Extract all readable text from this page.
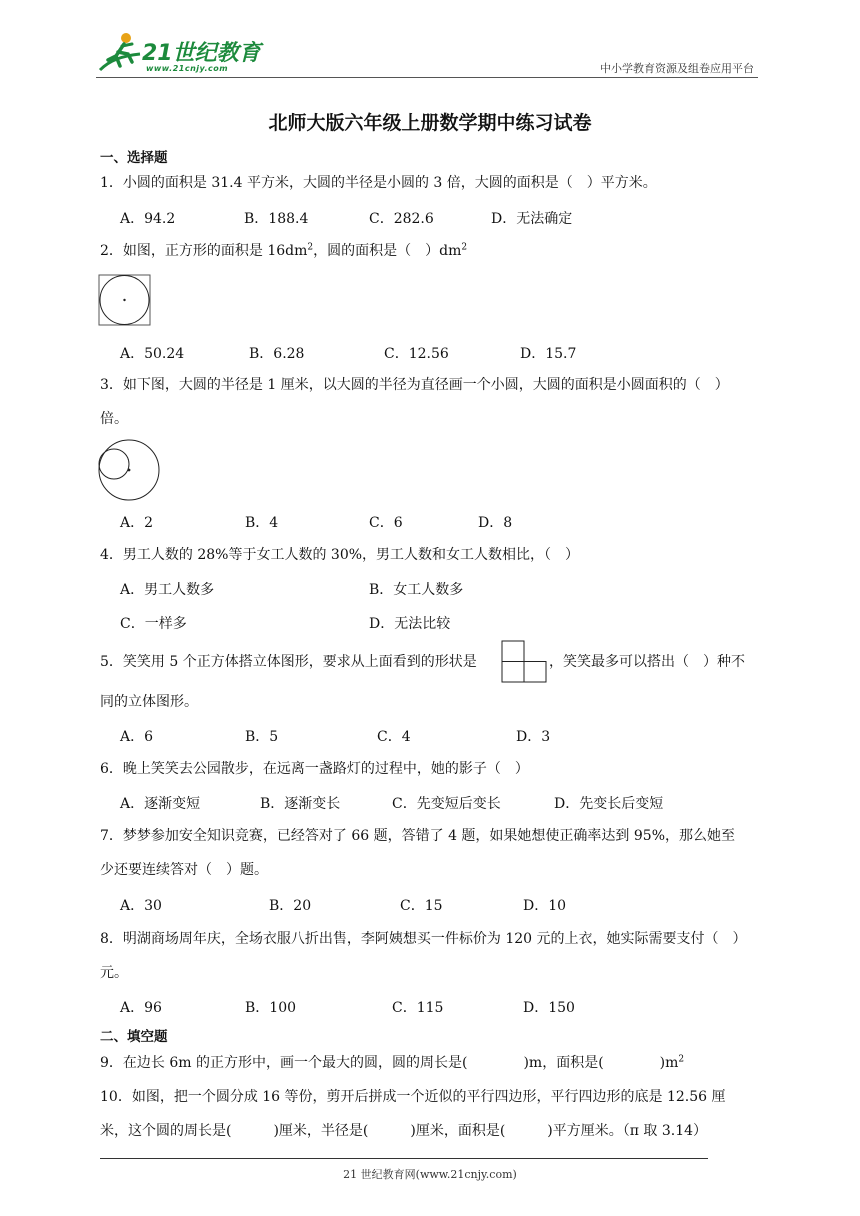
21世纪教育
www.21cnjy.com	中小学教育资源及组卷应用平台
北师大版六年级上册数学期中练习试卷
一、选择题
1．小圆的面积是 31.4 平方米，大圆的半径是小圆的 3 倍，大圆的面积是（　）平方米。
A．94.2	B．188.4	C．282.6	D．无法确定
2．如图，正方形的面积是 $16dm^2$，圆的面积是（　）$dm^2$
A．50.24	B．6.28	C．12.56	D．15.7
3．如下图，大圆的半径是 1 厘米，以大圆的半径为直径画一个小圆，大圆的面积是小圆面积的（　）
倍。
A．2	B．4	C．6	D．8
4．男工人数的 28%等于女工人数的 30%，男工人数和女工人数相比，（　）
A．男工人数多	B．女工人数多
C．一样多	D．无法比较
5．笑笑用 5 个正方体搭立体图形，要求从上面看到的形状是	，笑笑最多可以搭出（　）种不
同的立体图形。
A．6	B．5	C．4	D．3
6．晚上笑笑去公园散步，在远离一盏路灯的过程中，她的影子（　）
A．逐渐变短	B．逐渐变长	C．先变短后变长	D．先变长后变短
7．梦梦参加安全知识竞赛，已经答对了 66 题，答错了 4 题，如果她想使正确率达到 95%，那么她至
少还要连续答对（　）题。
A．30	B．20	C．15	D．10
8．明湖商场周年庆，全场衣服八折出售，李阿姨想买一件标价为 120 元的上衣，她实际需要支付（　）
元。
A．96	B．100	C．115	D．150
二、填空题
9．在边长 6m 的正方形中，画一个最大的圆，圆的周长是(　　　　)m，面积是(　　　　)$m^2$
10．如图，把一个圆分成 16 等份，剪开后拼成一个近似的平行四边形，平行四边形的底是 12.56 厘
米，这个圆的周长是(　　　)厘米，半径是(　　　)厘米，面积是(　　　)平方厘米。（π 取 3.14）
21 世纪教育网(www.21cnjy.com)
